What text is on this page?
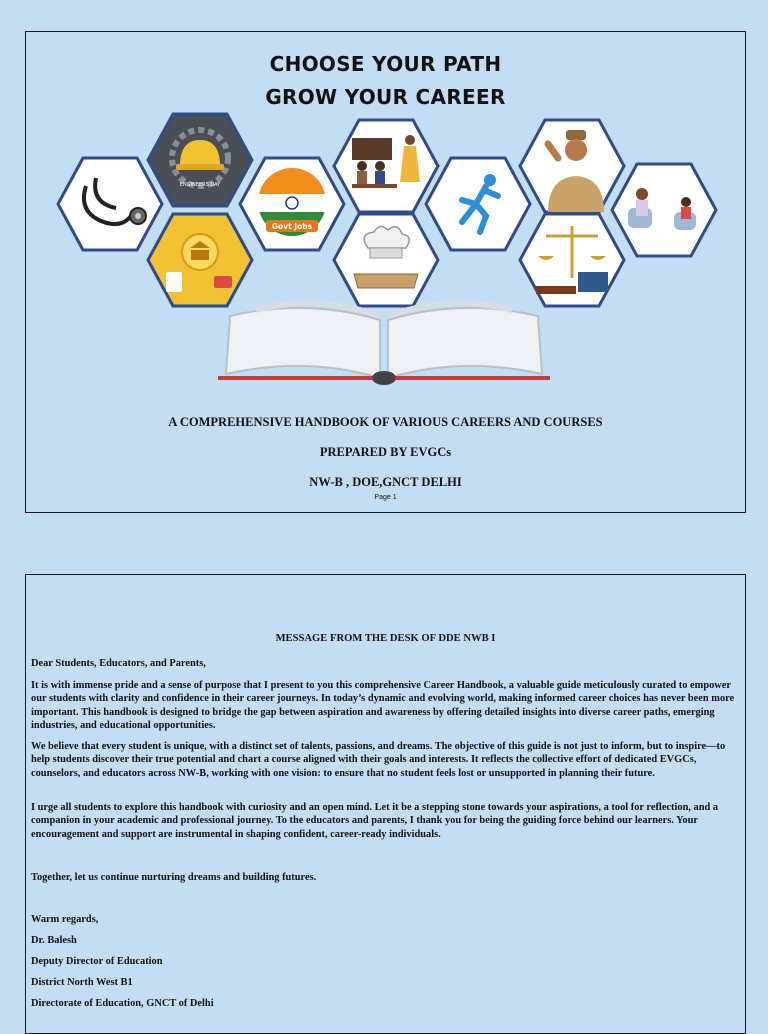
CHOOSE YOUR PATH
GROW YOUR CAREER
ENGINEERS DAY
Govt Jobs
A COMPREHENSIVE HANDBOOK OF VARIOUS CAREERS AND COURSES
PREPARED BY EVGCs
NW-B , DOE,GNCT DELHI
Page 1
MESSAGE FROM THE DESK OF DDE NWB I
Dear Students, Educators, and Parents,
It is with immense pride and a sense of purpose that I present to you this comprehensive Career Handbook, a valuable guide meticulously curated to empower our students with clarity and confidence in their career journeys. In today’s dynamic and evolving world, making informed career choices has never been more important. This handbook is designed to bridge the gap between aspiration and awareness by offering detailed insights into diverse career paths, emerging industries, and educational opportunities.
We believe that every student is unique, with a distinct set of talents, passions, and dreams. The objective of this guide is not just to inform, but to inspire—to help students discover their true potential and chart a course aligned with their goals and interests. It reflects the collective effort of dedicated EVGCs, counselors, and educators across NW-B, working with one vision: to ensure that no student feels lost or unsupported in planning their future.
I urge all students to explore this handbook with curiosity and an open mind. Let it be a stepping stone towards your aspirations, a tool for reflection, and a companion in your academic and professional journey. To the educators and parents, I thank you for being the guiding force behind our learners. Your encouragement and support are instrumental in shaping confident, career-ready individuals.
Together, let us continue nurturing dreams and building futures.
Warm regards,
Dr. Balesh
Deputy Director of Education
District North West B1
Directorate of Education, GNCT of Delhi
